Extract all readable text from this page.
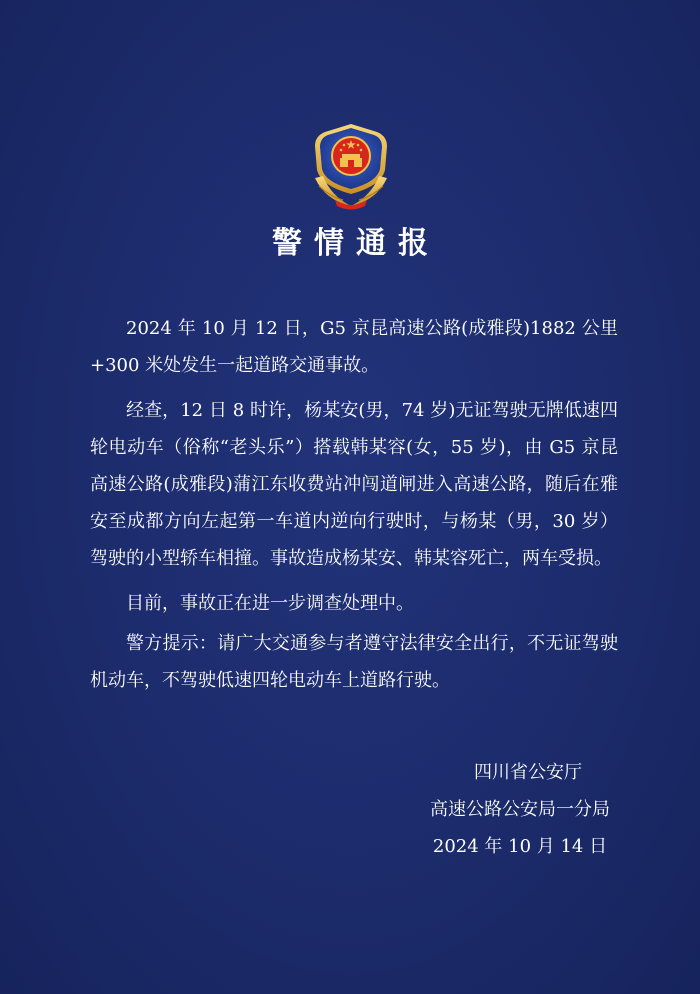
警情通报

2024 年 10 月 12 日，G5 京昆高速公路(成雅段)1882 公里+300 米处发生一起道路交通事故。

经查，12 日 8 时许，杨某安(男，74 岁)无证驾驶无牌低速四轮电动车（俗称“老头乐”）搭载韩某容(女，55 岁)，由 G5 京昆高速公路(成雅段)蒲江东收费站冲闯道闸进入高速公路，随后在雅安至成都方向左起第一车道内逆向行驶时，与杨某（男，30 岁）驾驶的小型轿车相撞。事故造成杨某安、韩某容死亡，两车受损。

目前，事故正在进一步调查处理中。

警方提示：请广大交通参与者遵守法律安全出行，不无证驾驶机动车，不驾驶低速四轮电动车上道路行驶。

四川省公安厅
高速公路公安局一分局
2024 年 10 月 14 日
